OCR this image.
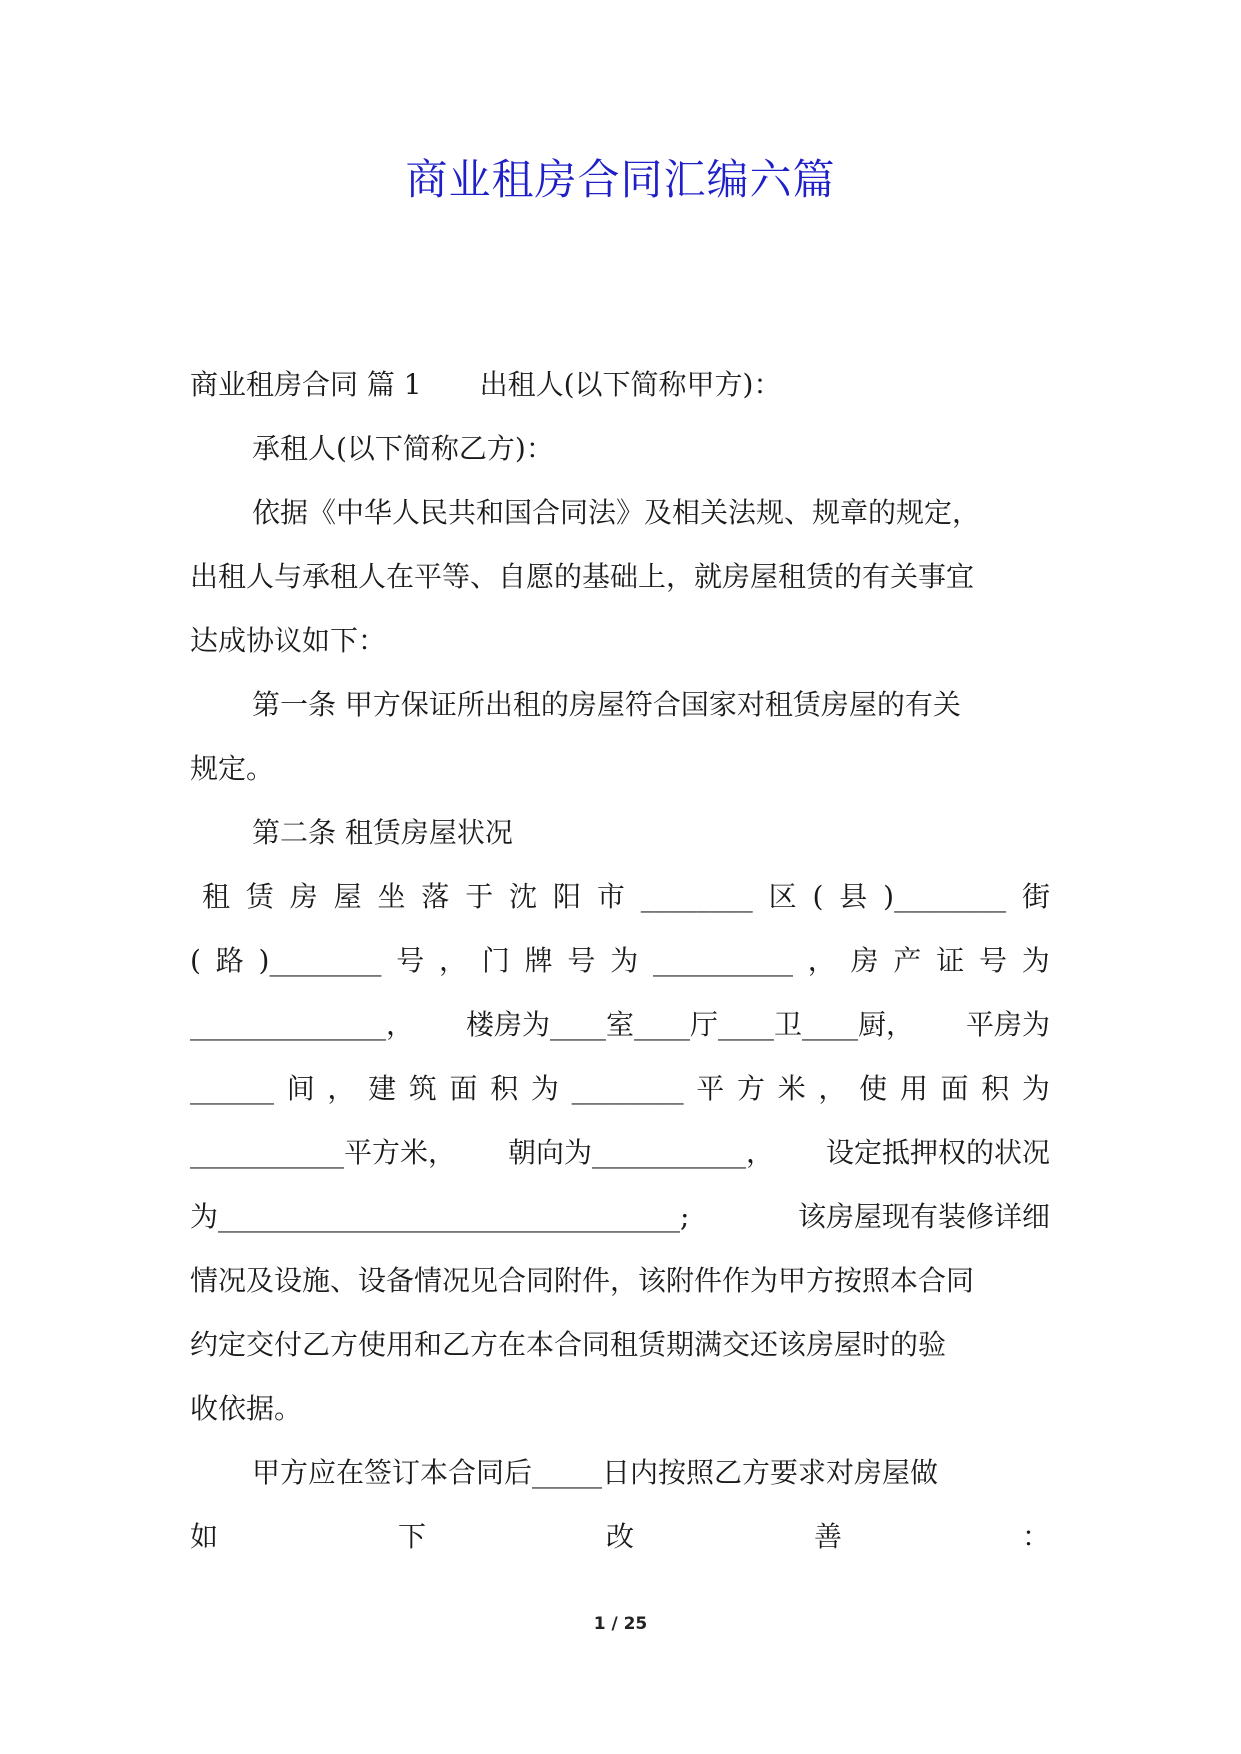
商业租房合同汇编六篇
商业租房合同 篇 1 出租人(以下简称甲方)：
承租人(以下简称乙方)：
依据《中华人民共和国合同法》及相关法规、规章的规定，
出租人与承租人在平等、自愿的基础上，就房屋租赁的有关事宜
达成协议如下：
第一条 甲方保证所出租的房屋符合国家对租赁房屋的有关
规定。
第二条 租赁房屋状况
租 赁 房 屋 坐 落 于 沈 阳 市 ________ 区 ( 县 )________ 街
( 路 )________ 号 ， 门 牌 号 为 __________ ， 房 产 证 号 为
______________， 楼房为____室____厅____卫____厨， 平房为
______ 间 ， 建 筑 面 积 为 ________ 平 方 米 ， 使 用 面 积 为
___________平方米， 朝向为___________， 设定抵押权的状况
为_________________________________;	该房屋现有装修详细
情况及设施、设备情况见合同附件，该附件作为甲方按照本合同
约定交付乙方使用和乙方在本合同租赁期满交还该房屋时的验
收依据。
甲方应在签订本合同后_____日内按照乙方要求对房屋做
如	下	改	善	：
1 / 25
